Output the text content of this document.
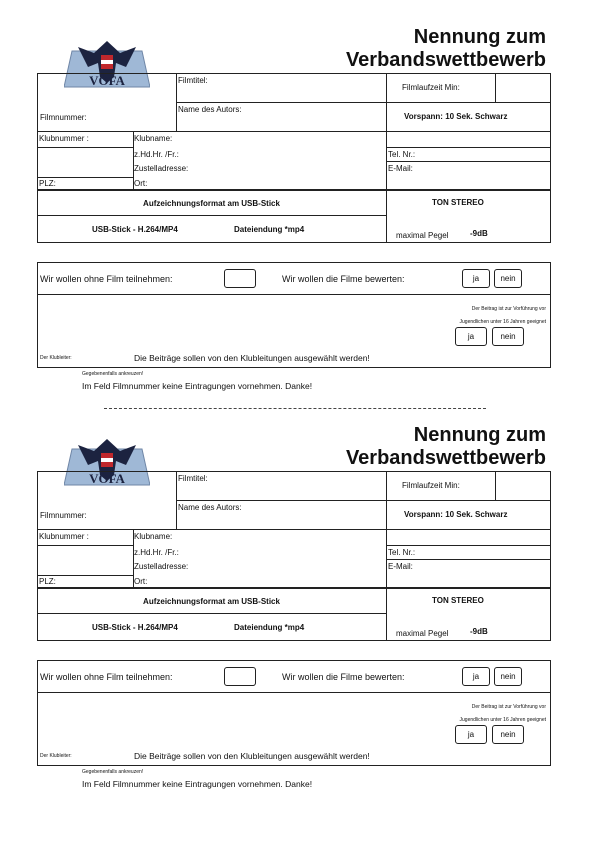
Nennung zum
Verbandswettbewerb
VÖFA	Filmtitel:
Filmlaufzeit Min:
Filmnummer:
Name des Autors:
Vorspann: 10 Sek. Schwarz
Klubnummer :	Klubname:
z.Hd.Hr. /Fr.:
Zustelladresse:
Ort:
PLZ:
Tel. Nr.:
E-Mail:
Aufzeichnungsformat am USB-Stick	TON STEREO
USB-Stick - H.264/MP4	Dateiendung *mp4
maximal Pegel	-9dB
Wir wollen ohne Film teilnehmen:	Wir wollen die Filme bewerten:	ja	nein
Der Beitrag ist zur Vorführung vor
Jugendlichen unter 16 Jahren geeignet
ja	nein
Der Klubleiter:	Die Beiträge sollen von den Klubleitungen ausgewählt werden!
Gegebenenfalls ankreuzen!
Im Feld Filmnummer keine Eintragungen vornehmen. Danke!
Nennung zum
Verbandswettbewerb
VÖFA	Filmtitel:
Filmlaufzeit Min:
Filmnummer:
Name des Autors:
Vorspann: 10 Sek. Schwarz
Klubnummer :	Klubname:
z.Hd.Hr. /Fr.:
Zustelladresse:
Ort:
PLZ:
Tel. Nr.:
E-Mail:
Aufzeichnungsformat am USB-Stick	TON STEREO
USB-Stick - H.264/MP4	Dateiendung *mp4
maximal Pegel	-9dB
Wir wollen ohne Film teilnehmen:	Wir wollen die Filme bewerten:	ja	nein
Der Beitrag ist zur Vorführung vor
Jugendlichen unter 16 Jahren geeignet
ja	nein
Der Klubleiter:	Die Beiträge sollen von den Klubleitungen ausgewählt werden!
Gegebenenfalls ankreuzen!
Im Feld Filmnummer keine Eintragungen vornehmen. Danke!
